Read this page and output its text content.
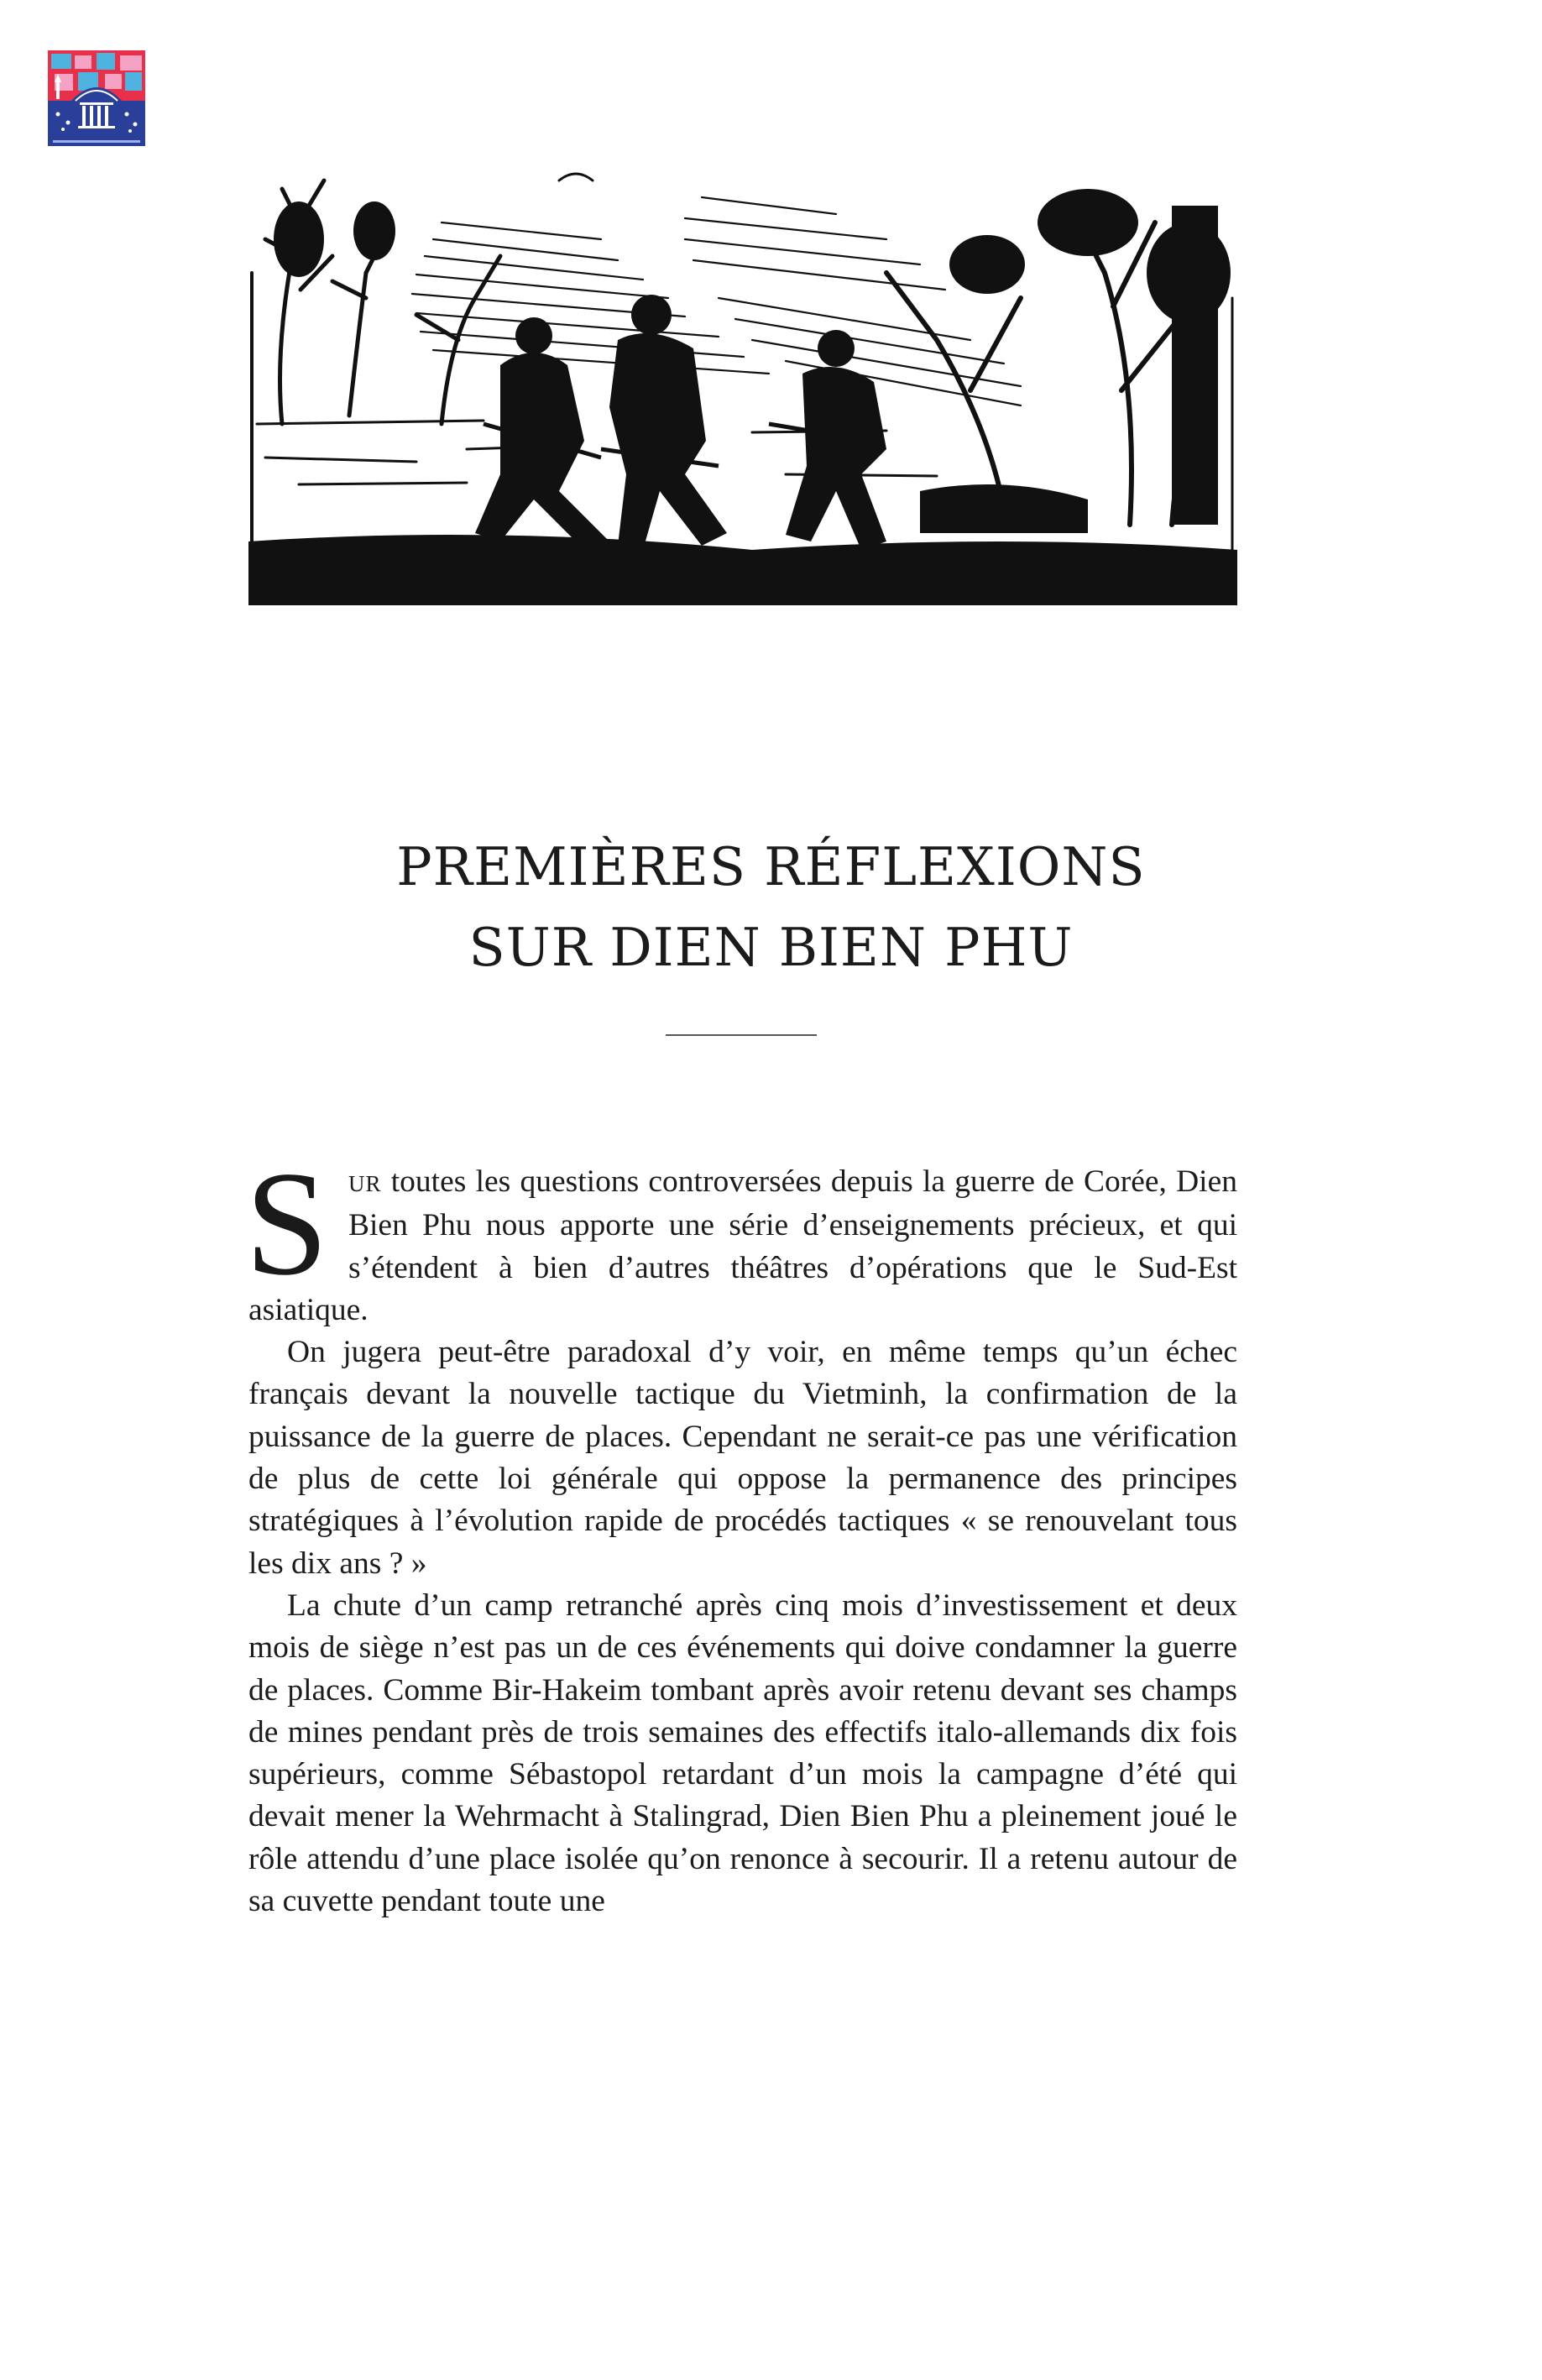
PREMIÈRES RÉFLEXIONS
SUR DIEN BIEN PHU

SUR toutes les questions controversées depuis la guerre de Corée, Dien Bien Phu nous apporte une série d’enseignements précieux, et qui s’étendent à bien d’autres théâtres d’opérations que le Sud-Est asiatique.

On jugera peut-être paradoxal d’y voir, en même temps qu’un échec français devant la nouvelle tactique du Vietminh, la confirmation de la puissance de la guerre de places. Cependant ne serait-ce pas une vérification de plus de cette loi générale qui oppose la permanence des principes stratégiques à l’évolution rapide de procédés tactiques « se renouvelant tous les dix ans ? »

La chute d’un camp retranché après cinq mois d’investissement et deux mois de siège n’est pas un de ces événements qui doive condamner la guerre de places. Comme Bir-Hakeim tombant après avoir retenu devant ses champs de mines pendant près de trois semaines des effectifs italo-allemands dix fois supérieurs, comme Sébastopol retardant d’un mois la campagne d’été qui devait mener la Wehrmacht à Stalingrad, Dien Bien Phu a pleinement joué le rôle attendu d’une place isolée qu’on renonce à secourir. Il a retenu autour de sa cuvette pendant toute une
